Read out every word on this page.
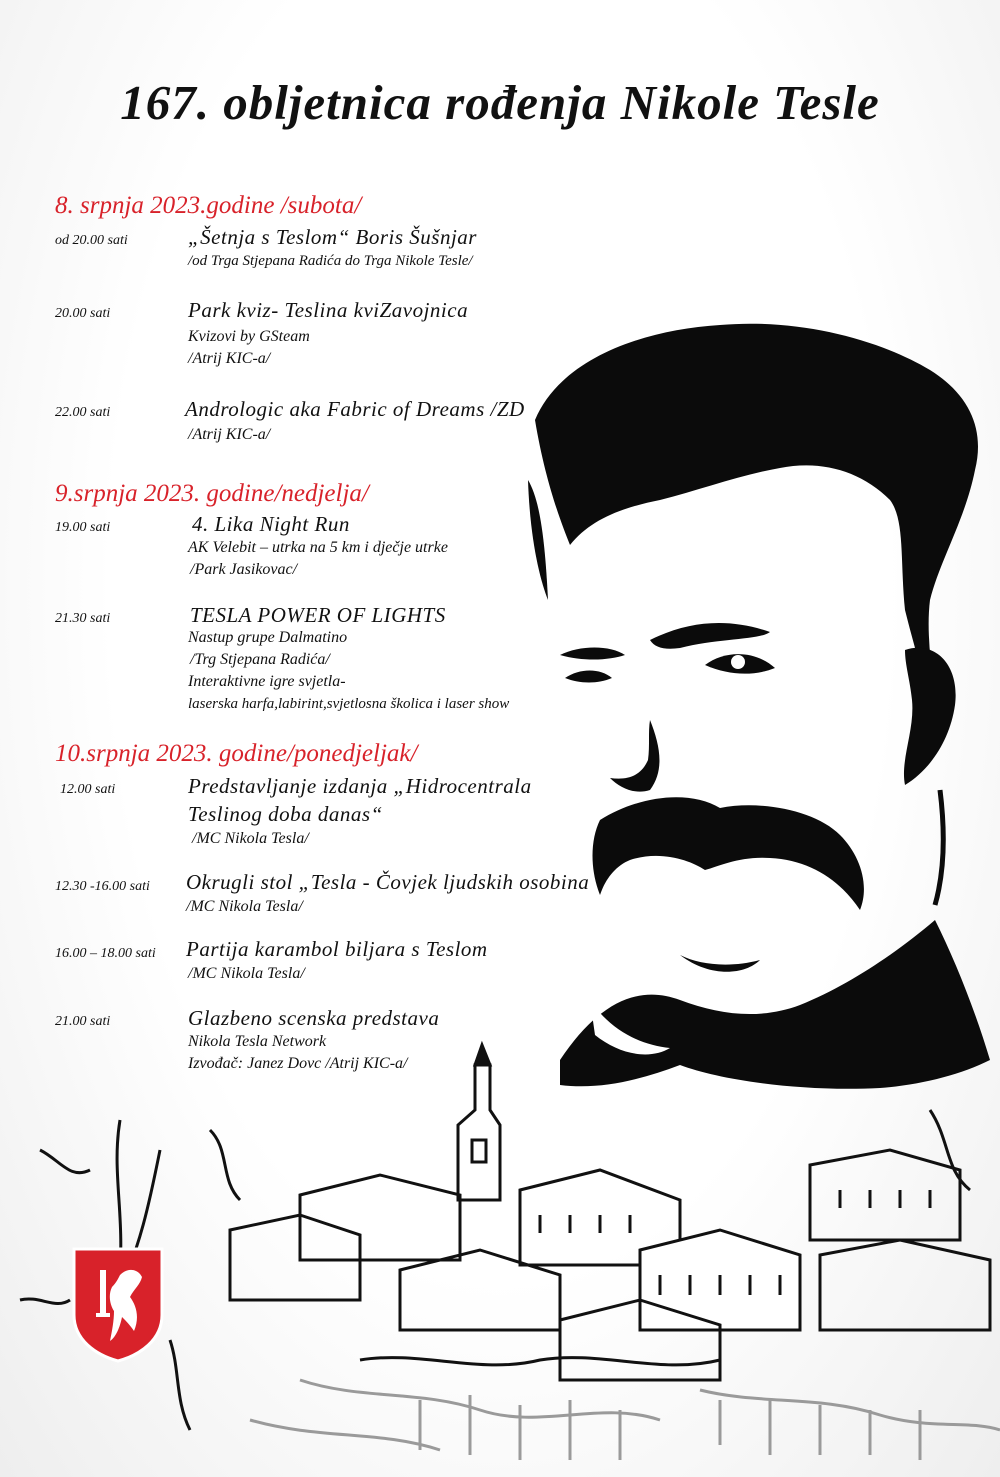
167. obljetnica rođenja Nikole Tesle
8. srpnja 2023.godine /subota/
od 20.00 sati	„Šetnja s Teslom“ Boris Šušnjar
/od Trga Stjepana Radića do Trga Nikole Tesle/
20.00 sati	Park kviz- Teslina kviZavojnica
Kvizovi by GSteam
/Atrij KIC-a/
22.00 sati	Andrologic aka Fabric of Dreams /ZD
/Atrij KIC-a/
9.srpnja 2023. godine/nedjelja/
19.00 sati	4. Lika Night Run
AK Velebit – utrka na 5 km i dječje utrke
/Park Jasikovac/
21.30 sati	TESLA POWER OF LIGHTS
Nastup grupe Dalmatino
/Trg Stjepana Radića/
Interaktivne igre svjetla-
laserska harfa,labirint,svjetlosna školica i laser show
10.srpnja 2023. godine/ponedjeljak/
12.00 sati	Predstavljanje izdanja „Hidrocentrala
Teslinog doba danas“
/MC Nikola Tesla/
12.30 -16.00 sati Okrugli stol „Tesla - Čovjek ljudskih osobina
/MC Nikola Tesla/
16.00 – 18.00 sati Partija karambol biljara s Teslom
/MC Nikola Tesla/
21.00 sati	Glazbeno scenska predstava
Nikola Tesla Network
Izvođač: Janez Dovc /Atrij KIC-a/
